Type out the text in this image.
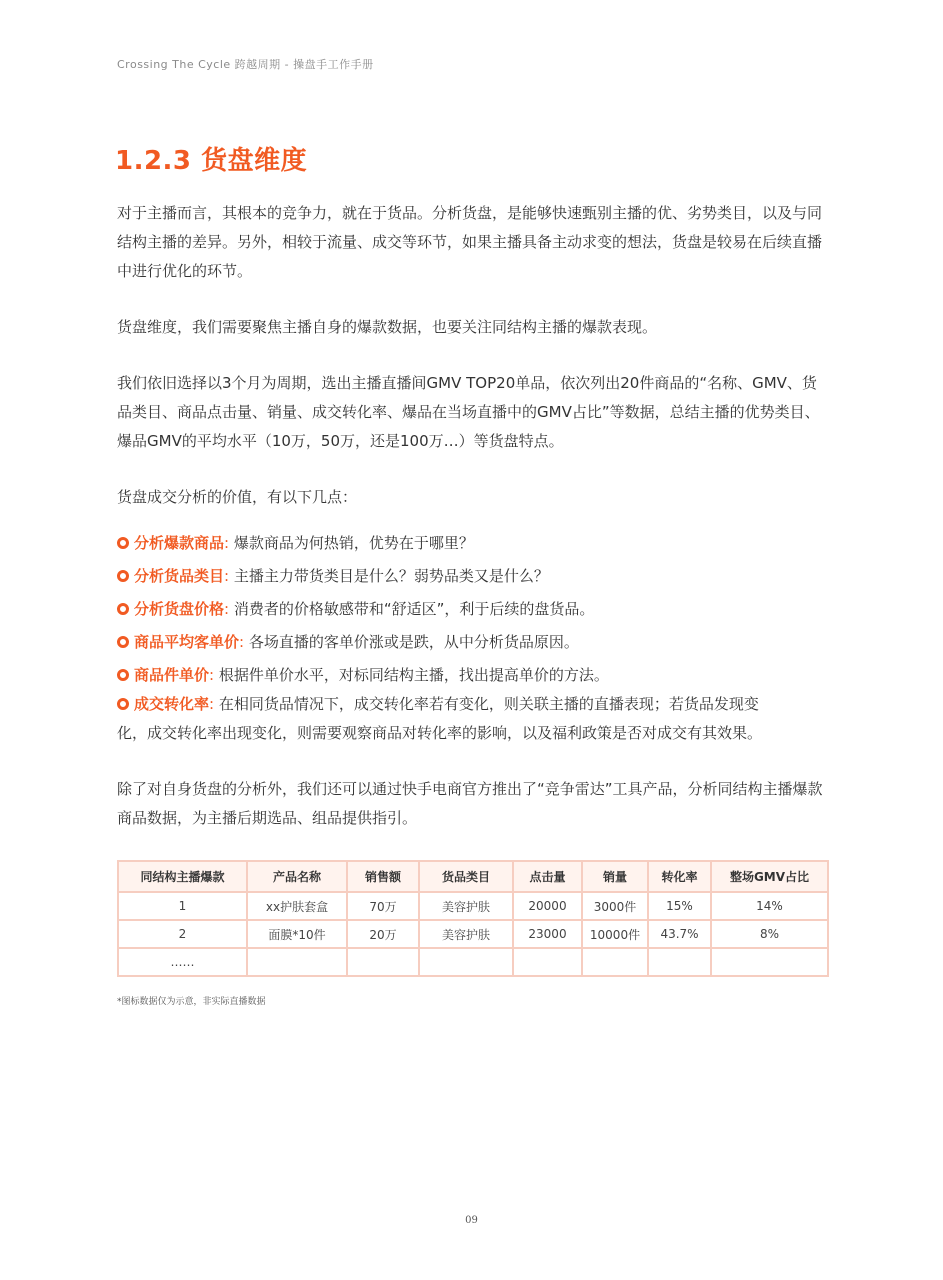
Crossing The Cycle 跨越周期 - 操盘手工作手册
1.2.3 货盘维度

对于主播而言，其根本的竞争力，就在于货品。分析货盘，是能够快速甄别主播的优、劣势类目，以及与同结构主播的差异。另外，相较于流量、成交等环节，如果主播具备主动求变的想法，货盘是较易在后续直播中进行优化的环节。

货盘维度，我们需要聚焦主播自身的爆款数据，也要关注同结构主播的爆款表现。

我们依旧选择以3个月为周期，选出主播直播间GMV TOP20单品，依次列出20件商品的“名称、GMV、货品类目、商品点击量、销量、成交转化率、爆品在当场直播中的GMV占比”等数据，总结主播的优势类目、爆品GMV的平均水平（10万，50万，还是100万…）等货盘特点。

货盘成交分析的价值，有以下几点：

分析爆款商品: 爆款商品为何热销，优势在于哪里？
分析货品类目: 主播主力带货类目是什么？弱势品类又是什么？
分析货盘价格: 消费者的价格敏感带和“舒适区”，利于后续的盘货品。
商品平均客单价: 各场直播的客单价涨或是跌，从中分析货品原因。
商品件单价: 根据件单价水平，对标同结构主播，找出提高单价的方法。
成交转化率: 在相同货品情况下，成交转化率若有变化，则关联主播的直播表现；若货品发现变
化，成交转化率出现变化，则需要观察商品对转化率的影响，以及福利政策是否对成交有其效果。

除了对自身货盘的分析外，我们还可以通过快手电商官方推出了“竞争雷达”工具产品，分析同结构主播爆款商品数据，为主播后期选品、组品提供指引。

同结构主播爆款	产品名称	销售额	货品类目	点击量	销量	转化率	整场GMV占比
1	xx护肤套盒	70万	美容护肤	20000	3000件	15%	14%
2	面膜*10件	20万	美容护肤	23000	10000件	43.7%	8%
……							
*图标数据仅为示意，非实际直播数据
09
